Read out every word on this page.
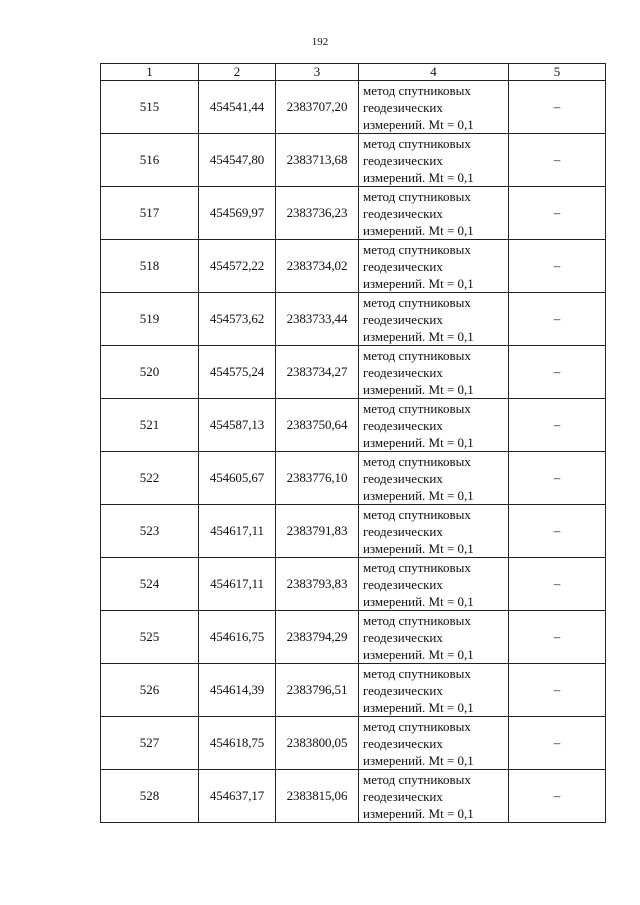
192
1	2	3	4	5
515	454541,44	2383707,20	метод спутниковых
геодезических
измерений. Mt = 0,1	–
516	454547,80	2383713,68	метод спутниковых
геодезических
измерений. Mt = 0,1	–
517	454569,97	2383736,23	метод спутниковых
геодезических
измерений. Mt = 0,1	–
518	454572,22	2383734,02	метод спутниковых
геодезических
измерений. Mt = 0,1	–
519	454573,62	2383733,44	метод спутниковых
геодезических
измерений. Mt = 0,1	–
520	454575,24	2383734,27	метод спутниковых
геодезических
измерений. Mt = 0,1	–
521	454587,13	2383750,64	метод спутниковых
геодезических
измерений. Mt = 0,1	–
522	454605,67	2383776,10	метод спутниковых
геодезических
измерений. Mt = 0,1	–
523	454617,11	2383791,83	метод спутниковых
геодезических
измерений. Mt = 0,1	–
524	454617,11	2383793,83	метод спутниковых
геодезических
измерений. Mt = 0,1	–
525	454616,75	2383794,29	метод спутниковых
геодезических
измерений. Mt = 0,1	–
526	454614,39	2383796,51	метод спутниковых
геодезических
измерений. Mt = 0,1	–
527	454618,75	2383800,05	метод спутниковых
геодезических
измерений. Mt = 0,1	–
528	454637,17	2383815,06	метод спутниковых
геодезических
измерений. Mt = 0,1	–
